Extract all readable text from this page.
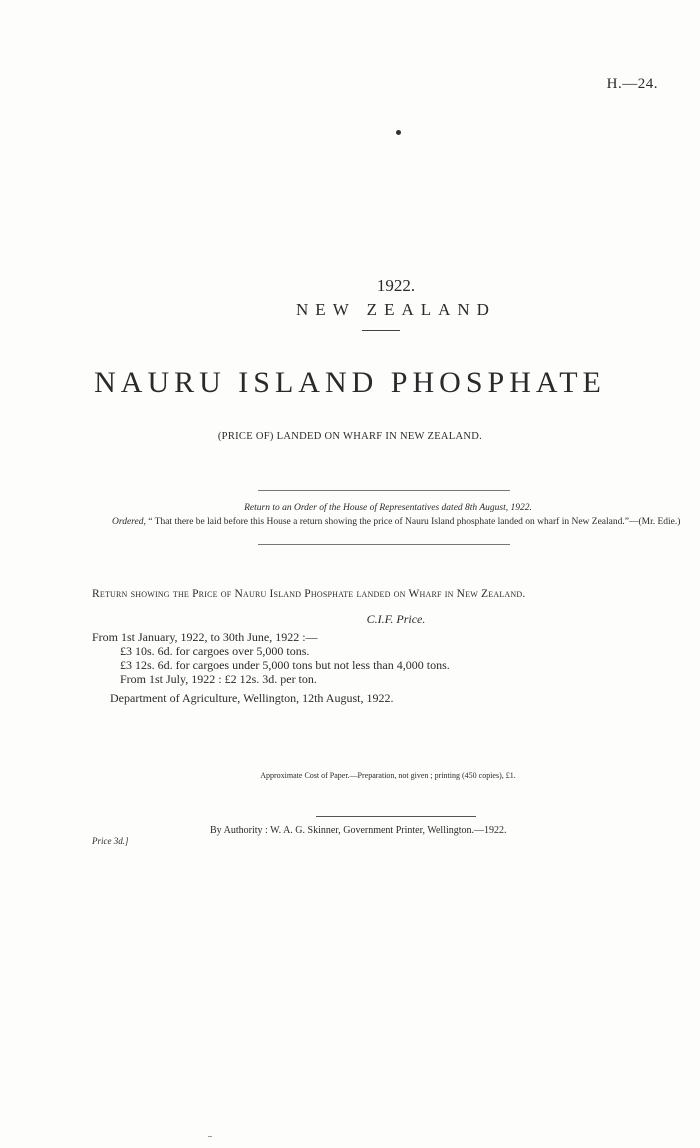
H.—24.
1922.
NEW ZEALAND
NAURU ISLAND PHOSPHATE
(PRICE OF) LANDED ON WHARF IN NEW ZEALAND.
Return to an Order of the House of Representatives dated 8th August, 1922.

Ordered, “ That there be laid before this House a return showing the price of Nauru Island phosphate landed on wharf in New Zealand.”—(Mr. Edie.)

Return showing the Price of Nauru Island Phosphate landed on Wharf in New Zealand.
C.I.F. Price.
From 1st January, 1922, to 30th June, 1922 :—
£3 10s. 6d. for cargoes over 5,000 tons.
£3 12s. 6d. for cargoes under 5,000 tons but not less than 4,000 tons.
From 1st July, 1922 : £2 12s. 3d. per ton.
Department of Agriculture, Wellington, 12th August, 1922.
Approximate Cost of Paper.—Preparation, not given ; printing (450 copies), £1.
By Authority : W. A. G. Skinner, Government Printer, Wellington.—1922.
Price 3d.]
